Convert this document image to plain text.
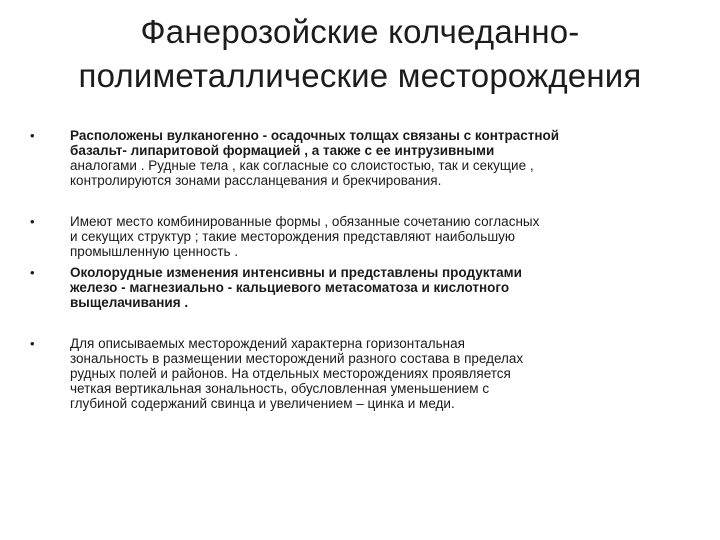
Фанерозойские колчеданно-
полиметаллические месторождения
•	Расположены вулканогенно - осадочных толщах связаны с контрастной
базальт- липаритовой формацией , а также с ее интрузивными
аналогами . Рудные тела , как согласные со слоистостью, так и секущие ,
контролируются зонами рассланцевания и брекчирования.
•	Имеют место комбинированные формы , обязанные сочетанию согласных
и секущих структур ; такие месторождения представляют наибольшую
промышленную ценность .
•	Околорудные изменения интенсивны и представлены продуктами
железо - магнезиально - кальциевого метасоматоза и кислотного
выщелачивания .
•	Для описываемых месторождений характерна горизонтальная
зональность в размещении месторождений разного состава в пределах
рудных полей и районов. На отдельных месторождениях проявляется
четкая вертикальная зональность, обусловленная уменьшением с
глубиной содержаний свинца и увеличением – цинка и меди.
